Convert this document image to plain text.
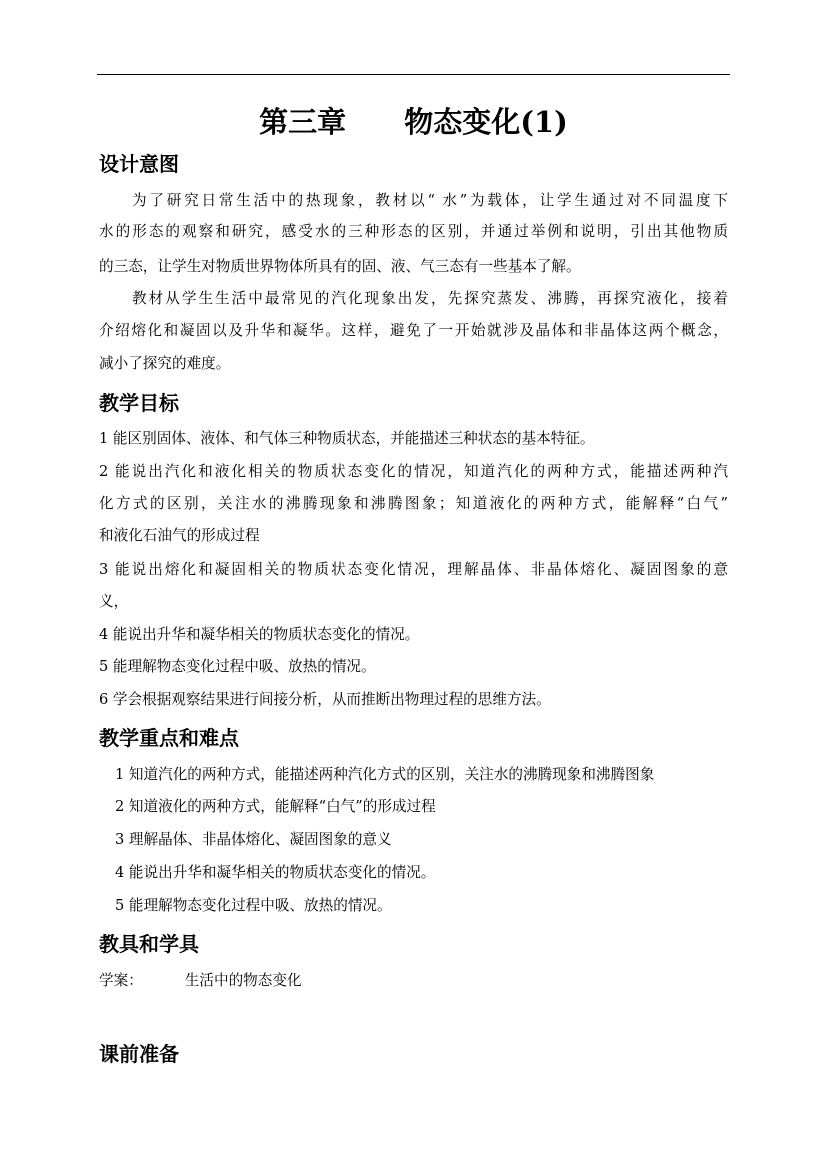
第三章 物态变化(1)
设计意图
为了研究日常生活中的热现象，教材以“ 水”为载体，让学生通过对不同温度下
水的形态的观察和研究，感受水的三种形态的区别，并通过举例和说明，引出其他物质
的三态，让学生对物质世界物体所具有的固、液、气三态有一些基本了解。
教材从学生生活中最常见的汽化现象出发，先探究蒸发、沸腾，再探究液化，接着
介绍熔化和凝固以及升华和凝华。这样，避免了一开始就涉及晶体和非晶体这两个概念，
减小了探究的难度。
教学目标
1 能区别固体、液体、和气体三种物质状态，并能描述三种状态的基本特征。
2 能说出汽化和液化相关的物质状态变化的情况，知道汽化的两种方式，能描述两种汽
化方式的区别，关注水的沸腾现象和沸腾图象；知道液化的两种方式，能解释“白气”
和液化石油气的形成过程
3 能说出熔化和凝固相关的物质状态变化情况，理解晶体、非晶体熔化、凝固图象的意
义，
4 能说出升华和凝华相关的物质状态变化的情况。
5 能理解物态变化过程中吸、放热的情况。
6 学会根据观察结果进行间接分析，从而推断出物理过程的思维方法。
教学重点和难点
1 知道汽化的两种方式，能描述两种汽化方式的区别，关注水的沸腾现象和沸腾图象
2 知道液化的两种方式，能解释“白气”的形成过程
3 理解晶体、非晶体熔化、凝固图象的意义
4 能说出升华和凝华相关的物质状态变化的情况。
5 能理解物态变化过程中吸、放热的情况。
教具和学具
学案：	生活中的物态变化
课前准备
